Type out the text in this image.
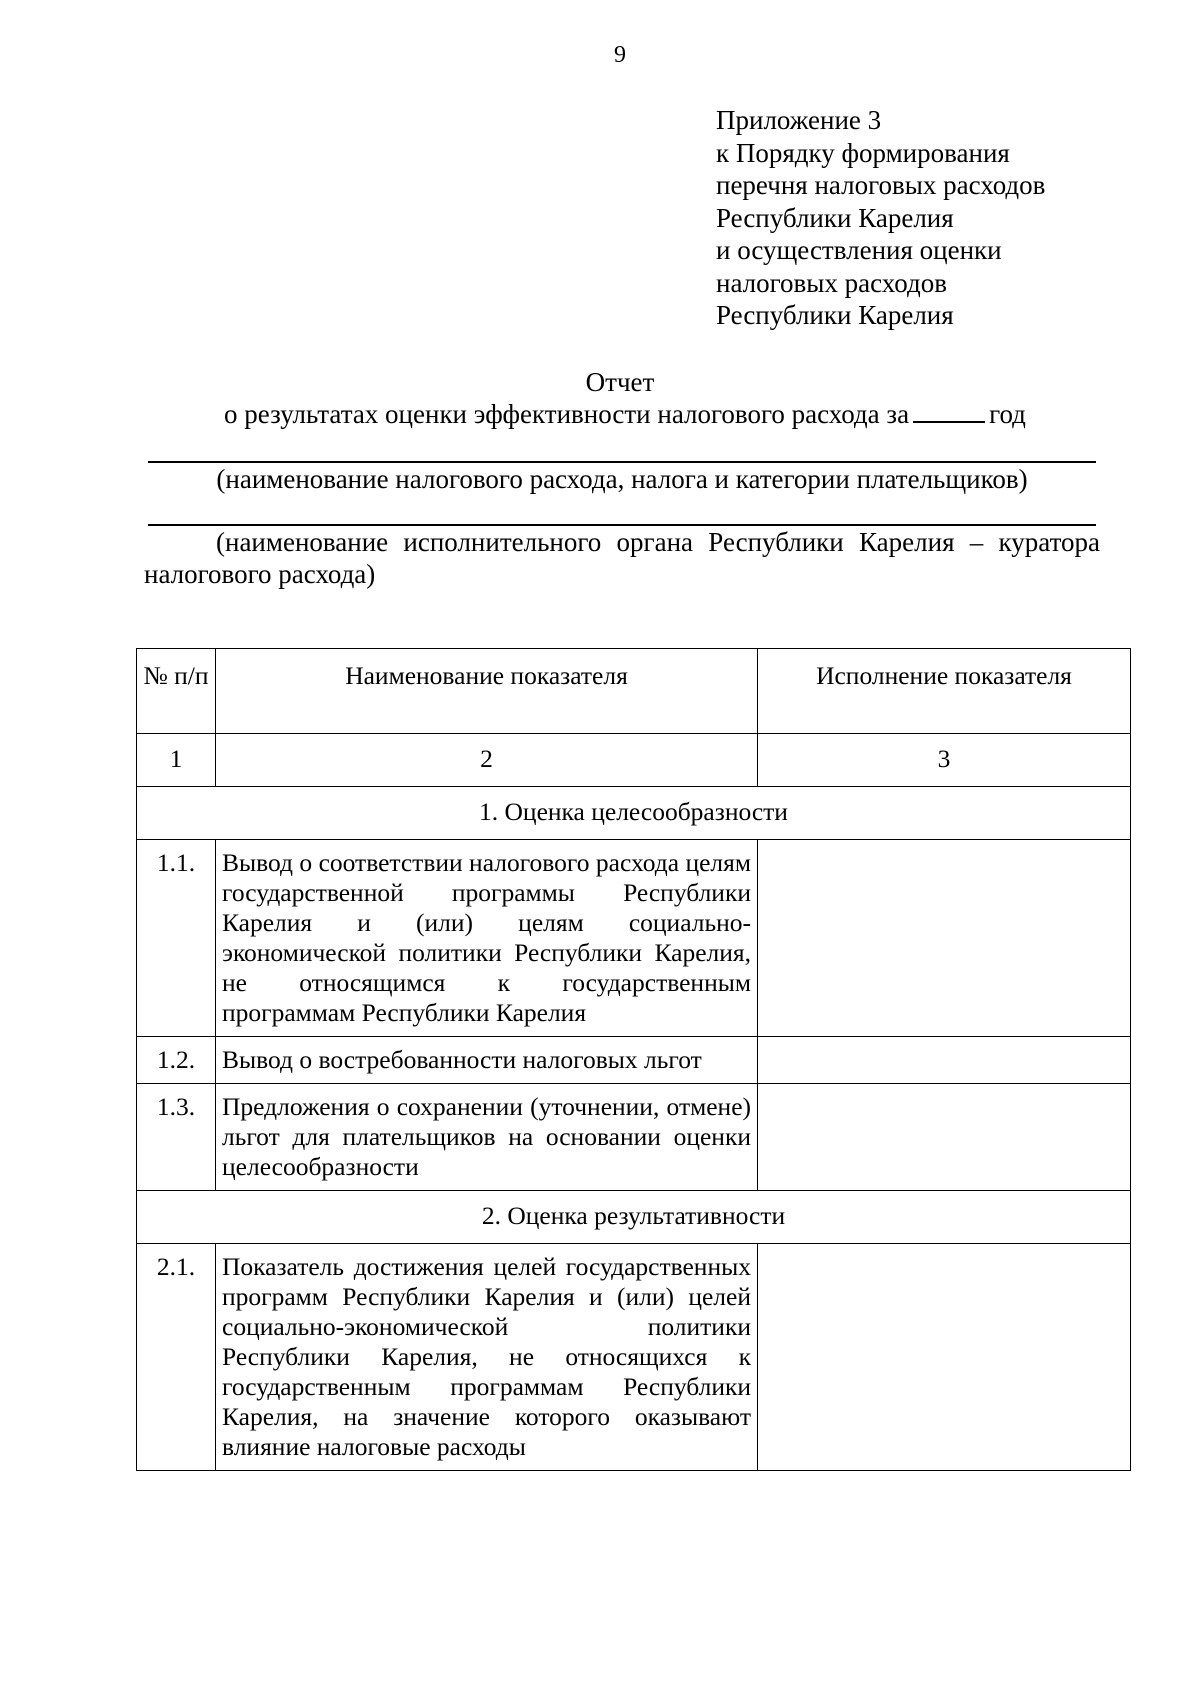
9
Приложение 3
к Порядку формирования
перечня налоговых расходов
Республики Карелия
и осуществления оценки
налоговых расходов
Республики Карелия
Отчет
о результатах оценки эффективности налогового расхода за	год
(наименование налогового расхода, налога и категории плательщиков)
(наименование исполнительного органа Республики Карелия – куратора налогового расхода)
№ п/п	Наименование показателя	Исполнение показателя
1	2	3
1. Оценка целесообразности		
1.1.	Вывод о соответствии налогового расхода целям государственной программы Республики Карелия и (или) целям социально-экономической политики Республики Карелия, не относящимся к государственным программам Республики Карелия	
1.2.	Вывод о востребованности налоговых льгот	
1.3.	Предложения о сохранении (уточнении, отмене) льгот для плательщиков на основании оценки целесообразности	
2. Оценка результативности		
2.1.	Показатель достижения целей государственных программ Республики Карелия и (или) целей социально-экономической политики Республики Карелия, не относящихся к государственным программам Республики Карелия, на значение которого оказывают влияние налоговые расходы	
